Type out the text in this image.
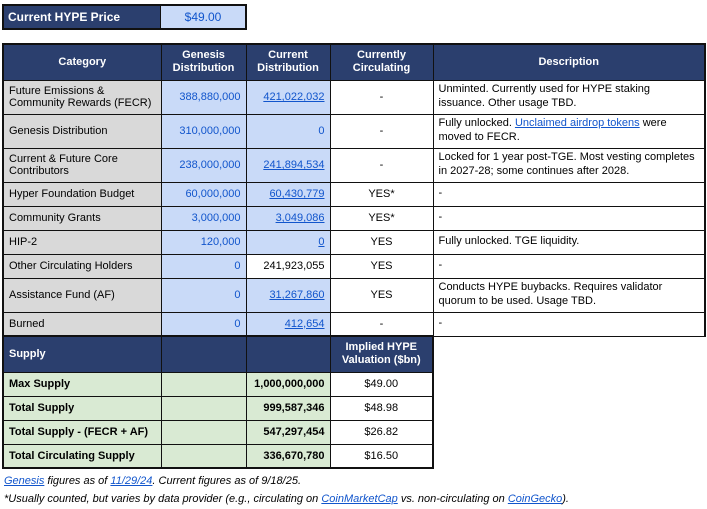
Current HYPE Price	$49.00
Category	Genesis Distribution	Current Distribution	Currently Circulating	Description
Future Emissions & Community Rewards (FECR)	388,880,000	421,022,032	-	Unminted. Currently used for HYPE staking issuance. Other usage TBD.
Genesis Distribution	310,000,000	0	-	Fully unlocked. Unclaimed airdrop tokens were moved to FECR.
Current & Future Core Contributors	238,000,000	241,894,534	-	Locked for 1 year post-TGE. Most vesting completes in 2027-28; some continues after 2028.
Hyper Foundation Budget	60,000,000	60,430,779	YES*	-
Community Grants	3,000,000	3,049,086	YES*	-
HIP-2	120,000	0	YES	Fully unlocked. TGE liquidity.
Other Circulating Holders	0	241,923,055	YES	-
Assistance Fund (AF)	0	31,267,860	YES	Conducts HYPE buybacks. Requires validator quorum to be used. Usage TBD.
Burned	0	412,654	-	-
Supply			Implied HYPE Valuation ($bn)	
Max Supply		1,000,000,000	$49.00	
Total Supply		999,587,346	$48.98	
Total Supply - (FECR + AF)		547,297,454	$26.82	
Total Circulating Supply		336,670,780	$16.50	
Genesis figures as of 11/29/24. Current figures as of 9/18/25.
*Usually counted, but varies by data provider (e.g., circulating on CoinMarketCap vs. non-circulating on CoinGecko).
